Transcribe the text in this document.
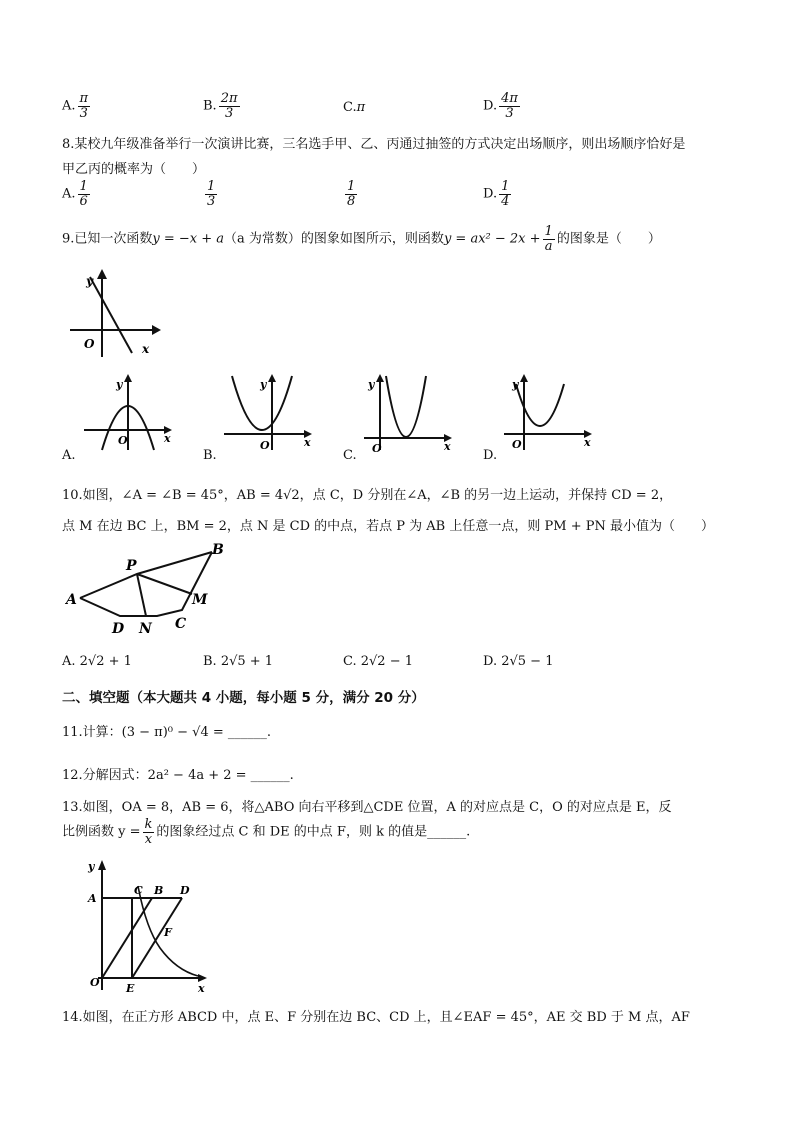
A. $\frac{\pi}{3}$	B. $\frac{2\pi}{3}$	C.π	D. $\frac{4\pi}{3}$
8.某校九年级准备举行一次演讲比赛，三名选手甲、乙、丙通过抽签的方式决定出场顺序，则出场顺序恰好是
甲乙丙的概率为（　　）
A. $\frac{1}{6}$	$\frac{1}{3}$	$\frac{1}{8}$	D. $\frac{1}{4}$
9.已知一次函数y = −x + a（a 为常数）的图象如图所示，则函数$y = ax^2 - 2x + \frac{1}{a}$ 的图象是（　　）
y
O	x
y
O	x
A.
y
O	x
B.
y
O	x
C.
y
O	x
D.
10.如图，∠A = ∠B = 45°，AB = 4√2，点 C，D 分别在∠A，∠B 的另一边上运动，并保持 CD = 2，
点 M 在边 BC 上，BM = 2，点 N 是 CD 的中点，若点 P 为 AB 上任意一点，则 PM + PN 最小值为（　　）
A
B
P
M
D N C
A. 2√2 + 1	B. 2√5 + 1	C. 2√2 − 1	D. 2√5 − 1
二、填空题（本大题共 4 小题，每小题 5 分，满分 20 分）
11.计算：(3 − π)⁰ − √4 = ______.
12.分解因式：2a² − 4a + 2 = ______.
13.如图，OA = 8，AB = 6，将△ABO 向右平移到△CDE 位置，A 的对应点是 C，O 的对应点是 E，反
比例函数 $y = \frac{k}{x}$ 的图象经过点 C 和 DE 的中点 F，则 k 的值是______.
y
A
C B D
F
O E	x
14.如图，在正方形 ABCD 中，点 E、F 分别在边 BC、CD 上，且∠EAF = 45°，AE 交 BD 于 M 点，AF
